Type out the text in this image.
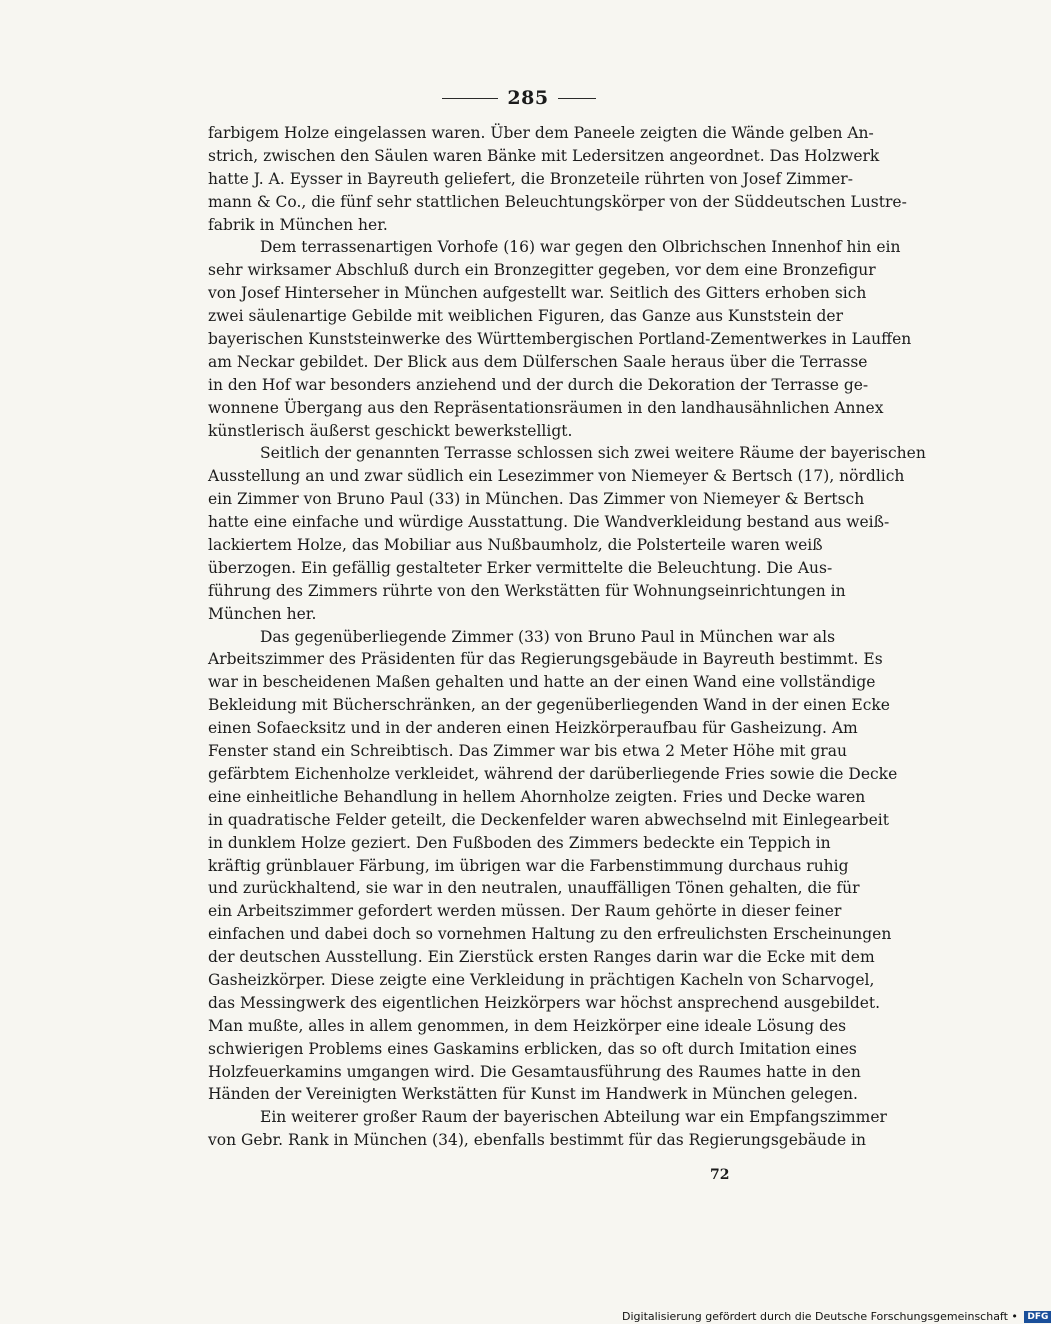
285
farbigem Holze eingelassen waren. Über dem Paneele zeigten die Wände gelben An-
strich, zwischen den Säulen waren Bänke mit Ledersitzen angeordnet. Das Holzwerk
hatte J. A. Eysser in Bayreuth geliefert, die Bronzeteile rührten von Josef Zimmer-
mann & Co., die fünf sehr stattlichen Beleuchtungskörper von der Süddeutschen Lustre-
fabrik in München her.
Dem terrassenartigen Vorhofe (16) war gegen den Olbrichschen Innenhof hin ein
sehr wirksamer Abschluß durch ein Bronzegitter gegeben, vor dem eine Bronzefigur
von Josef Hinterseher in München aufgestellt war. Seitlich des Gitters erhoben sich
zwei säulenartige Gebilde mit weiblichen Figuren, das Ganze aus Kunststein der
bayerischen Kunststeinwerke des Württembergischen Portland-Zementwerkes in Lauffen
am Neckar gebildet. Der Blick aus dem Dülferschen Saale heraus über die Terrasse
in den Hof war besonders anziehend und der durch die Dekoration der Terrasse ge-
wonnene Übergang aus den Repräsentationsräumen in den landhausähnlichen Annex
künstlerisch äußerst geschickt bewerkstelligt.
Seitlich der genannten Terrasse schlossen sich zwei weitere Räume der bayerischen
Ausstellung an und zwar südlich ein Lesezimmer von Niemeyer & Bertsch (17), nördlich
ein Zimmer von Bruno Paul (33) in München. Das Zimmer von Niemeyer & Bertsch
hatte eine einfache und würdige Ausstattung. Die Wandverkleidung bestand aus weiß-
lackiertem Holze, das Mobiliar aus Nußbaumholz, die Polsterteile waren weiß
überzogen. Ein gefällig gestalteter Erker vermittelte die Beleuchtung. Die Aus-
führung des Zimmers rührte von den Werkstätten für Wohnungseinrichtungen in
München her.
Das gegenüberliegende Zimmer (33) von Bruno Paul in München war als
Arbeitszimmer des Präsidenten für das Regierungsgebäude in Bayreuth bestimmt. Es
war in bescheidenen Maßen gehalten und hatte an der einen Wand eine vollständige
Bekleidung mit Bücherschränken, an der gegenüberliegenden Wand in der einen Ecke
einen Sofaecksitz und in der anderen einen Heizkörperaufbau für Gasheizung. Am
Fenster stand ein Schreibtisch. Das Zimmer war bis etwa 2 Meter Höhe mit grau
gefärbtem Eichenholze verkleidet, während der darüberliegende Fries sowie die Decke
eine einheitliche Behandlung in hellem Ahornholze zeigten. Fries und Decke waren
in quadratische Felder geteilt, die Deckenfelder waren abwechselnd mit Einlegearbeit
in dunklem Holze geziert. Den Fußboden des Zimmers bedeckte ein Teppich in
kräftig grünblauer Färbung, im übrigen war die Farbenstimmung durchaus ruhig
und zurückhaltend, sie war in den neutralen, unauffälligen Tönen gehalten, die für
ein Arbeitszimmer gefordert werden müssen. Der Raum gehörte in dieser feiner
einfachen und dabei doch so vornehmen Haltung zu den erfreulichsten Erscheinungen
der deutschen Ausstellung. Ein Zierstück ersten Ranges darin war die Ecke mit dem
Gasheizkörper. Diese zeigte eine Verkleidung in prächtigen Kacheln von Scharvogel,
das Messingwerk des eigentlichen Heizkörpers war höchst ansprechend ausgebildet.
Man mußte, alles in allem genommen, in dem Heizkörper eine ideale Lösung des
schwierigen Problems eines Gaskamins erblicken, das so oft durch Imitation eines
Holzfeuerkamins umgangen wird. Die Gesamtausführung des Raumes hatte in den
Händen der Vereinigten Werkstätten für Kunst im Handwerk in München gelegen.
Ein weiterer großer Raum der bayerischen Abteilung war ein Empfangszimmer
von Gebr. Rank in München (34), ebenfalls bestimmt für das Regierungsgebäude in
72
Digitalisierung gefördert durch die Deutsche Forschungsgemeinschaft • DFG
